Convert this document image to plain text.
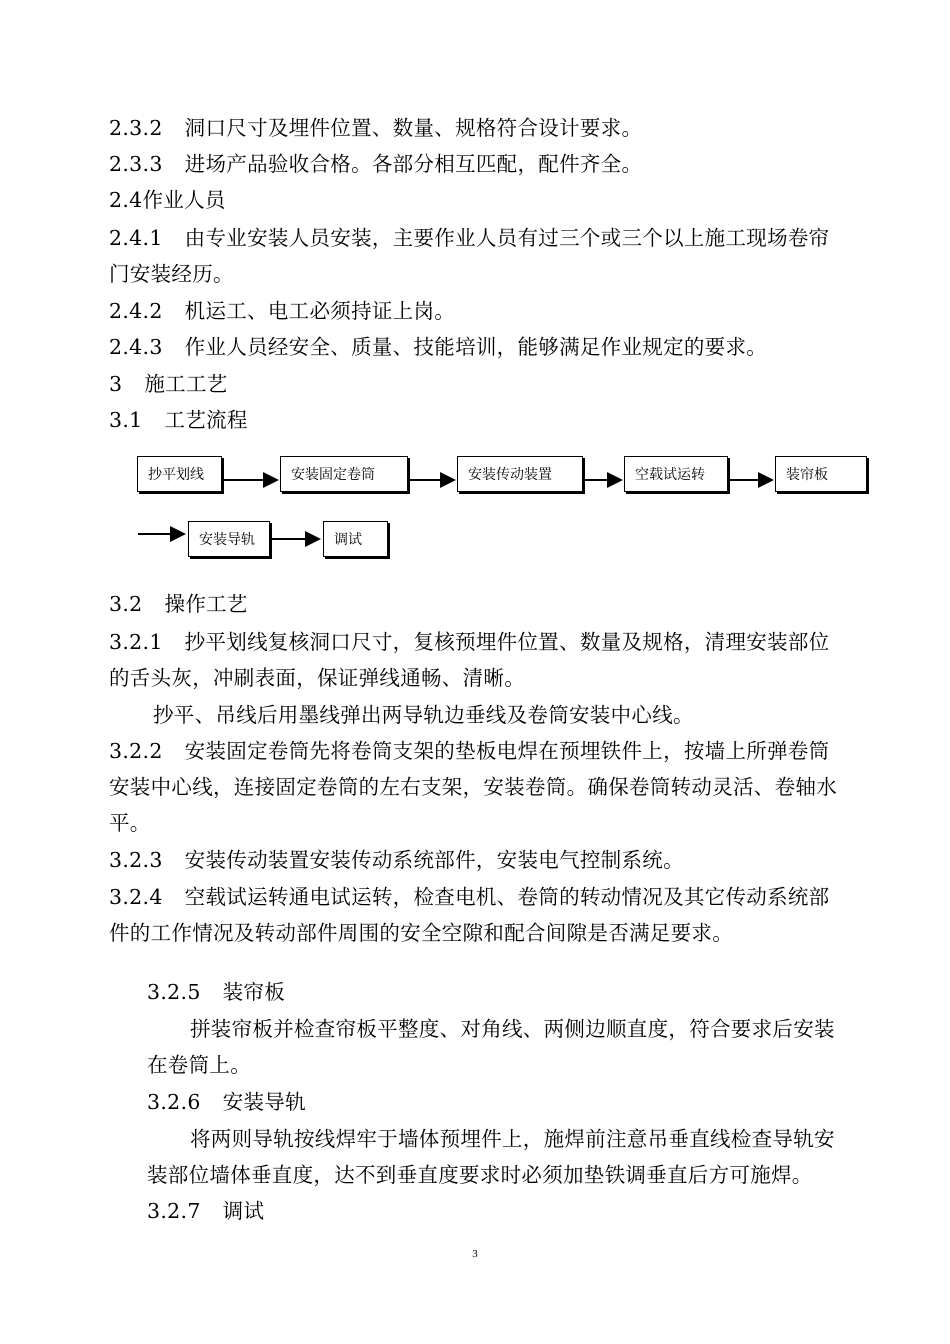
2.3.2 洞口尺寸及埋件位置、数量、规格符合设计要求。
2.3.3 进场产品验收合格。各部分相互匹配，配件齐全。
2.4作业人员
2.4.1 由专业安装人员安装，主要作业人员有过三个或三个以上施工现场卷帘
门安装经历。
2.4.2 机运工、电工必须持证上岗。
2.4.3 作业人员经安全、质量、技能培训，能够满足作业规定的要求。
3 施工工艺
3.1 工艺流程
抄平划线	安装固定卷筒	安装传动装置	空载试运转	装帘板
安装导轨	调试
3.2 操作工艺
3.2.1 抄平划线复核洞口尺寸，复核预埋件位置、数量及规格，清理安装部位
的舌头灰，冲刷表面，保证弹线通畅、清晰。
抄平、吊线后用墨线弹出两导轨边垂线及卷筒安装中心线。
3.2.2 安装固定卷筒先将卷筒支架的垫板电焊在预埋铁件上，按墙上所弹卷筒
安装中心线，连接固定卷筒的左右支架，安装卷筒。确保卷筒转动灵活、卷轴水
平。
3.2.3 安装传动装置安装传动系统部件，安装电气控制系统。
3.2.4 空载试运转通电试运转，检查电机、卷筒的转动情况及其它传动系统部
件的工作情况及转动部件周围的安全空隙和配合间隙是否满足要求。
3.2.5 装帘板
拼装帘板并检查帘板平整度、对角线、两侧边顺直度，符合要求后安装
在卷筒上。
3.2.6 安装导轨
将两则导轨按线焊牢于墙体预埋件上，施焊前注意吊垂直线检查导轨安
装部位墙体垂直度，达不到垂直度要求时必须加垫铁调垂直后方可施焊。
3.2.7 调试
3
